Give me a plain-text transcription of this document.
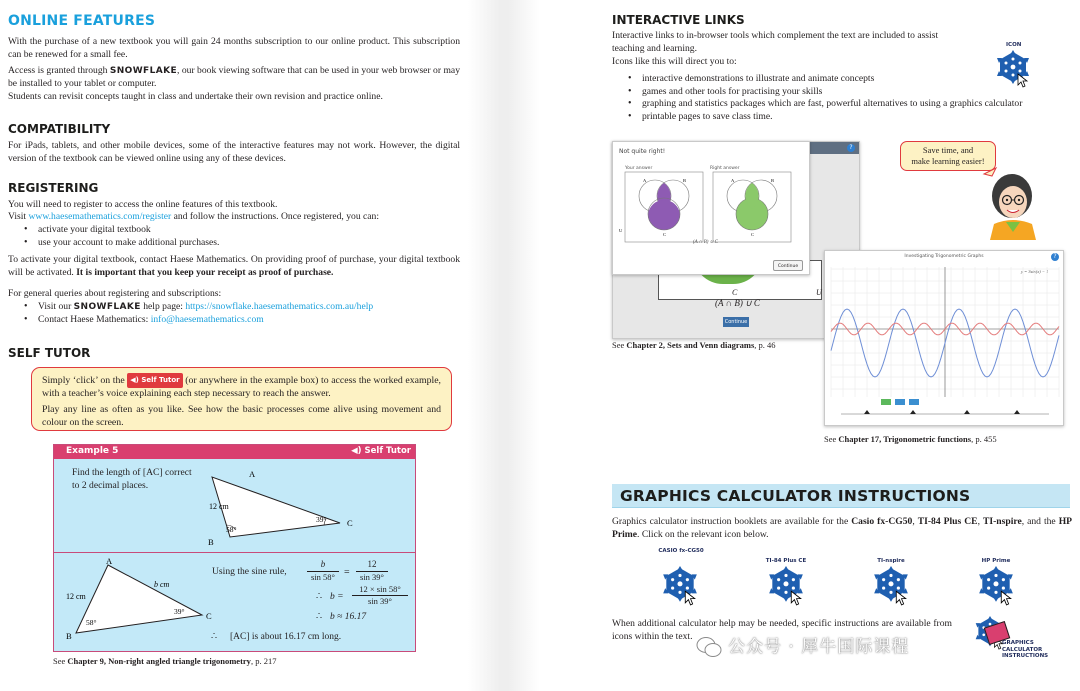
ONLINE FEATURES

With the purchase of a new textbook you will gain 24 months subscription to our online product. This subscription can be renewed for a small fee.

Access is granted through SNOWFLAKE, our book viewing software that can be used in your web browser or may be installed to your tablet or computer.

Students can revisit concepts taught in class and undertake their own revision and practice online.

COMPATIBILITY

For iPads, tablets, and other mobile devices, some of the interactive features may not work. However, the digital version of the textbook can be viewed online using any of these devices.

REGISTERING

You will need to register to access the online features of this textbook.

Visit www.haesemathematics.com/register and follow the instructions. Once registered, you can:

• activate your digital textbook
• use your account to make additional purchases.

To activate your digital textbook, contact Haese Mathematics. On providing proof of purchase, your digital textbook will be activated. It is important that you keep your receipt as proof of purchase.

For general queries about registering and subscriptions:

• Visit our SNOWFLAKE help page: https://snowflake.haesemathematics.com.au/help
• Contact Haese Mathematics: info@haesemathematics.com
SELF TUTOR

Simply ‘click’ on the ◀) Self Tutor (or anywhere in the example box) to access the worked example, with a teacher’s voice explaining each step necessary to reach the answer.

Play any line as often as you like. See how the basic processes come alive using movement and colour on the screen.

Example 5	◀) Self Tutor
Find the length of [AC] correct
to 2 decimal places.
A
B
C
12 cm
58°
39°
A
B
C
12 cm
b cm
58°
39°
Using the sine rule,
b
sin 58° =
12
sin 39°
∴ b =
12 × sin 58°
sin 39°
∴ b ≈ 16.17
∴ [AC] is about 16.17 cm long.
See Chapter 9, Non-right angled triangle trigonometry, p. 217
INTERACTIVE LINKS

Interactive links to in-browser tools which complement the text are included to assist teaching and learning.

Icons like this will direct you to:

ICON
• interactive demonstrations to illustrate and animate concepts
• games and other tools for practising your skills
• graphing and statistics packages which are fast, powerful alternatives to using a graphics calculator
• printable pages to save class time.
Save time, and
make learning easier!
?
C	U
(A ∩ B) ∪ C
Continue
Not quite right!
Your answer	Right answer
A	B
C
U
A	B
C
(A ∩ B) ∪ C
Continue
See Chapter 2, Sets and Venn diagrams, p. 46
Investigating Trigonometric Graphs	?
y = 3sin(x) − 1
See Chapter 17, Trigonometric functions, p. 455
GRAPHICS CALCULATOR INSTRUCTIONS

Graphics calculator instruction booklets are available for the Casio fx-CG50, TI-84 Plus CE, TI-nspire, and the HP Prime. Click on the relevant icon below.

CASIO fx-CG50
TI-84 Plus CE	TI-nspire	HP Prime

When additional calculator help may be needed, specific instructions are available from icons within the text.

GRAPHICS
CALCULATOR
INSTRUCTIONS
公众号 · 犀牛国际课程
